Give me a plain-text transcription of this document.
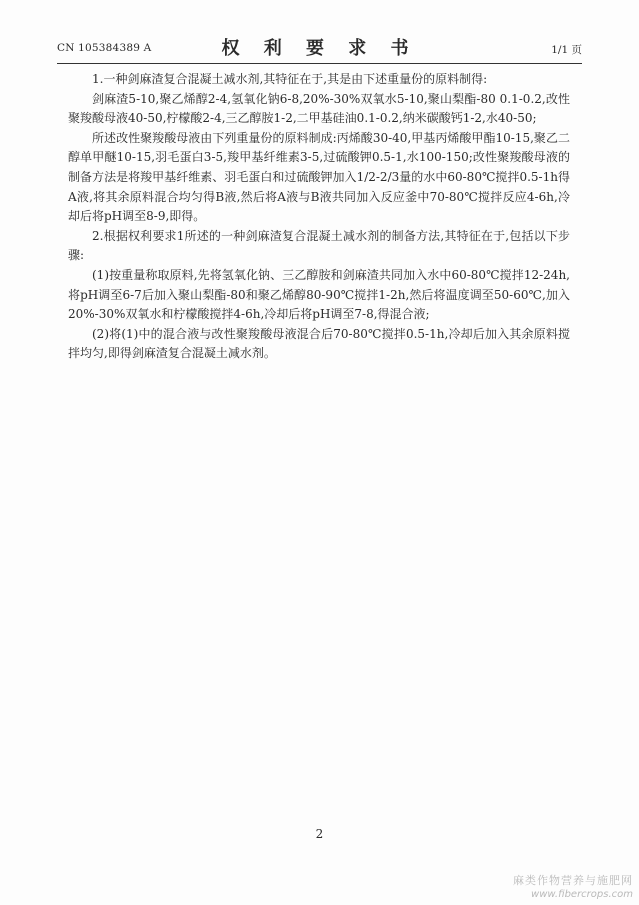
CN 105384389 A	权 利 要 求 书	1/1 页

1.一种剑麻渣复合混凝土减水剂,其特征在于,其是由下述重量份的原料制得:

剑麻渣5-10,聚乙烯醇2-4,氢氧化钠6-8,20%-30%双氧水5-10,聚山梨酯-80 0.1-0.2,改性聚羧酸母液40-50,柠檬酸2-4,三乙醇胺1-2,二甲基硅油0.1-0.2,纳米碳酸钙1-2,水40-50;

所述改性聚羧酸母液由下列重量份的原料制成:丙烯酸30-40,甲基丙烯酸甲酯10-15,聚乙二醇单甲醚10-15,羽毛蛋白3-5,羧甲基纤维素3-5,过硫酸钾0.5-1,水100-150;改性聚羧酸母液的制备方法是将羧甲基纤维素、羽毛蛋白和过硫酸钾加入1/2-2/3量的水中60-80℃搅拌0.5-1h得A液,将其余原料混合均匀得B液,然后将A液与B液共同加入反应釜中70-80℃搅拌反应4-6h,冷却后将pH调至8-9,即得。

2.根据权利要求1所述的一种剑麻渣复合混凝土减水剂的制备方法,其特征在于,包括以下步骤:

(1)按重量称取原料,先将氢氧化钠、三乙醇胺和剑麻渣共同加入水中60-80℃搅拌12-24h,将pH调至6-7后加入聚山梨酯-80和聚乙烯醇80-90℃搅拌1-2h,然后将温度调至50-60℃,加入20%-30%双氧水和柠檬酸搅拌4-6h,冷却后将pH调至7-8,得混合液;

(2)将(1)中的混合液与改性聚羧酸母液混合后70-80℃搅拌0.5-1h,冷却后加入其余原料搅拌均匀,即得剑麻渣复合混凝土减水剂。

2
麻类作物营养与施肥网
www.fibercrops.com
